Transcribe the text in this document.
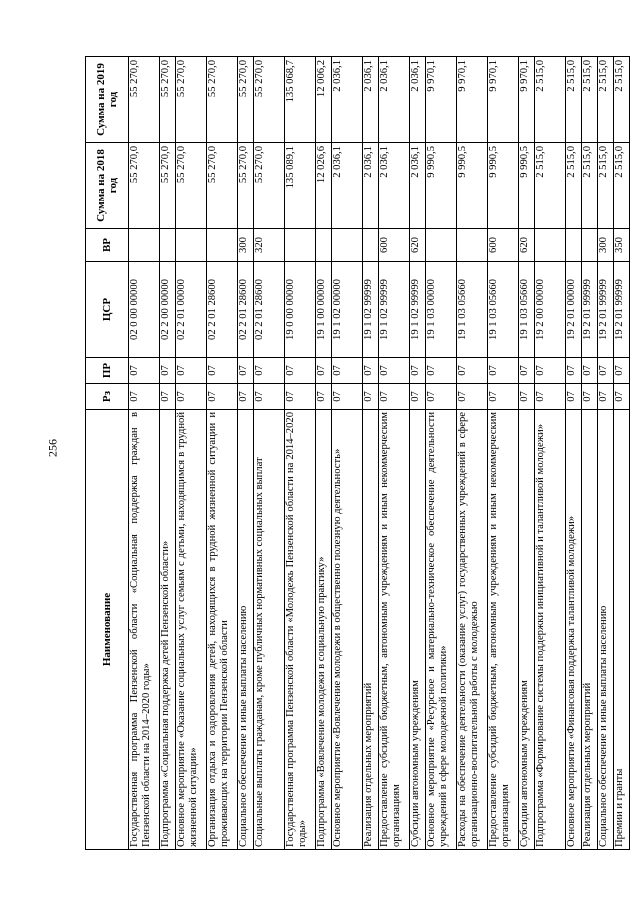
256
Наименование	Рз	ПР	ЦСР	ВР	Сумма на 2018 год	Сумма на 2019 год
Государственная программа Пензенской области «Социальная поддержка граждан в Пензенской области на 2014–2020 годы»	07	07	02 0 00 00000		55 270,0	55 270,0
Подпрограмма «Социальная поддержка детей Пензенской области»	07	07	02 2 00 00000		55 270,0	55 270,0
Основное мероприятие «Оказание социальных услуг семьям с детьми, находящимся в трудной жизненной ситуации»	07	07	02 2 01 00000		55 270,0	55 270,0
Организация отдыха и оздоровления детей, находящихся в трудной жизненной ситуации и проживающих на территории Пензенской области	07	07	02 2 01 28600		55 270,0	55 270,0
Социальное обеспечение и иные выплаты населению	07	07	02 2 01 28600	300	55 270,0	55 270,0
Социальные выплаты гражданам, кроме публичных нормативных социальных выплат	07	07	02 2 01 28600	320	55 270,0	55 270,0
Государственная программа Пензенской области «Молодежь Пензенской области на 2014–2020 годы»	07	07	19 0 00 00000		135 089,1	135 068,7
Подпрограмма «Вовлечение молодежи в социальную практику»	07	07	19 1 00 00000		12 026,6	12 006,2
Основное мероприятие «Вовлечение молодежи в общественно полезную деятельность»	07	07	19 1 02 00000		2 036,1	2 036,1
Реализация отдельных мероприятий	07	07	19 1 02 99999		2 036,1	2 036,1
Предоставление субсидий бюджетным, автономным учреждениям и иным некоммерческим организациям	07	07	19 1 02 99999	600	2 036,1	2 036,1
Субсидии автономным учреждениям	07	07	19 1 02 99999	620	2 036,1	2 036,1
Основное мероприятие «Ресурсное и материально-техническое обеспечение деятельности учреждений в сфере молодежной политики»	07	07	19 1 03 00000		9 990,5	9 970,1
Расходы на обеспечение деятельности (оказание услуг) государственных учреждений в сфере организационно-воспитательной работы с молодежью	07	07	19 1 03 05660		9 990,5	9 970,1
Предоставление субсидий бюджетным, автономным учреждениям и иным некоммерческим организациям	07	07	19 1 03 05660	600	9 990,5	9 970,1
Субсидии автономным учреждениям	07	07	19 1 03 05660	620	9 990,5	9 970,1
Подпрограмма «Формирование системы поддержки инициативной и талантливой молодежи»	07	07	19 2 00 00000		2 515,0	2 515,0
Основное мероприятие «Финансовая поддержка талантливой молодежи»	07	07	19 2 01 00000		2 515,0	2 515,0
Реализация отдельных мероприятий	07	07	19 2 01 99999		2 515,0	2 515,0
Социальное обеспечение и иные выплаты населению	07	07	19 2 01 99999	300	2 515,0	2 515,0
Премии и гранты	07	07	19 2 01 99999	350	2 515,0	2 515,0
